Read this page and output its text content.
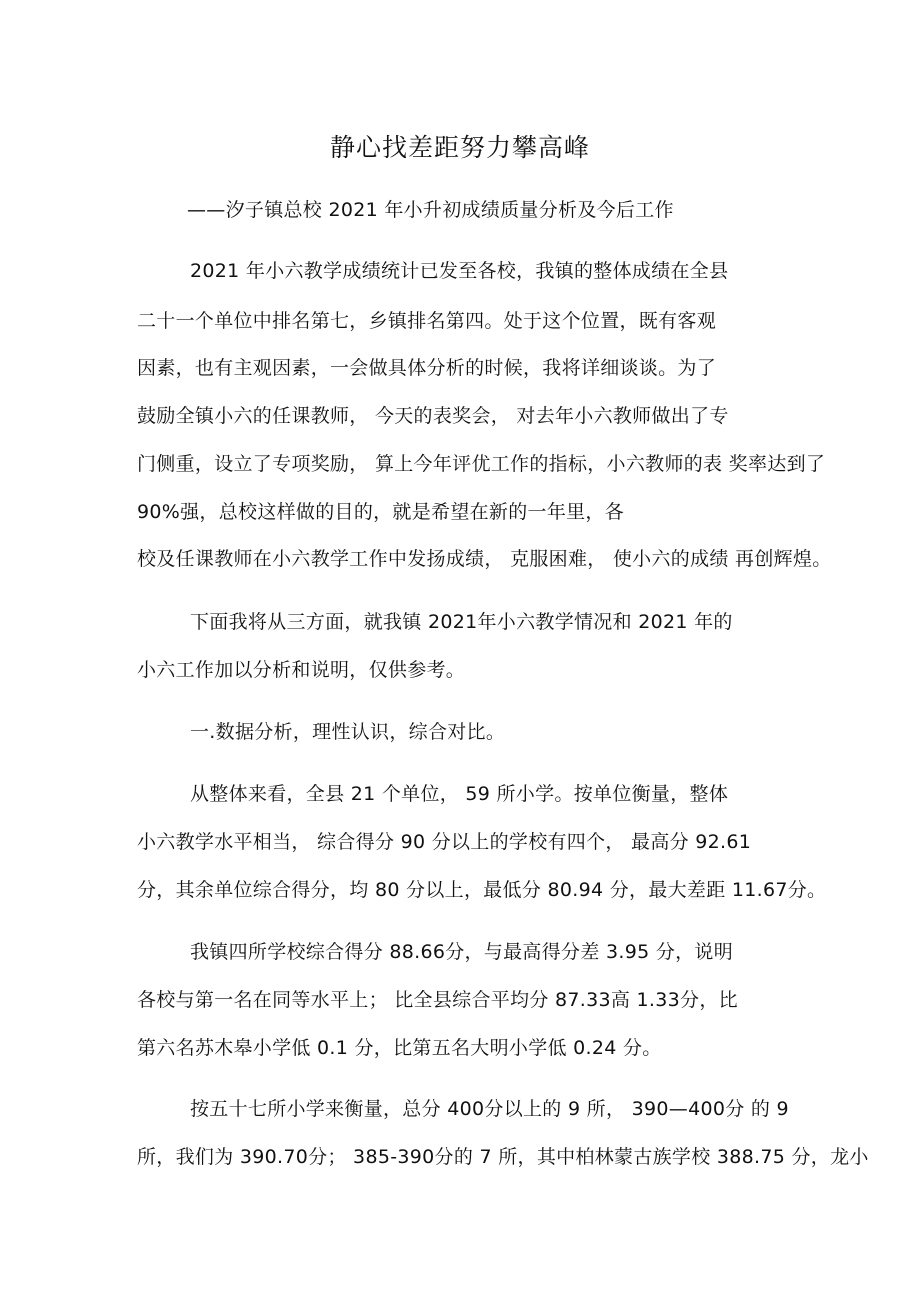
静心找差距努力攀高峰
——汐子镇总校 2021 年小升初成绩质量分析及今后工作
2021 年小六教学成绩统计已发至各校，我镇的整体成绩在全县
二十一个单位中排名第七，乡镇排名第四。处于这个位置，既有客观
因素，也有主观因素，一会做具体分析的时候，我将详细谈谈。为了
鼓励全镇小六的任课教师， 今天的表奖会， 对去年小六教师做出了专
门侧重，设立了专项奖励， 算上今年评优工作的指标，小六教师的表 奖率达到了
90%强，总校这样做的目的，就是希望在新的一年里，各
校及任课教师在小六教学工作中发扬成绩， 克服困难， 使小六的成绩 再创辉煌。
下面我将从三方面，就我镇 2021年小六教学情况和 2021 年的
小六工作加以分析和说明，仅供参考。
一.数据分析，理性认识，综合对比。
从整体来看，全县 21 个单位， 59 所小学。按单位衡量，整体
小六教学水平相当， 综合得分 90 分以上的学校有四个， 最高分 92.61
分，其余单位综合得分，均 80 分以上，最低分 80.94 分，最大差距 11.67分。
我镇四所学校综合得分 88.66分，与最高得分差 3.95 分，说明
各校与第一名在同等水平上； 比全县综合平均分 87.33高 1.33分，比
第六名苏木皋小学低 0.1 分，比第五名大明小学低 0.24 分。
按五十七所小学来衡量，总分 400分以上的 9 所， 390—400分 的 9
所，我们为 390.70分； 385-390分的 7 所，其中柏林蒙古族学校 388.75 分，龙小
